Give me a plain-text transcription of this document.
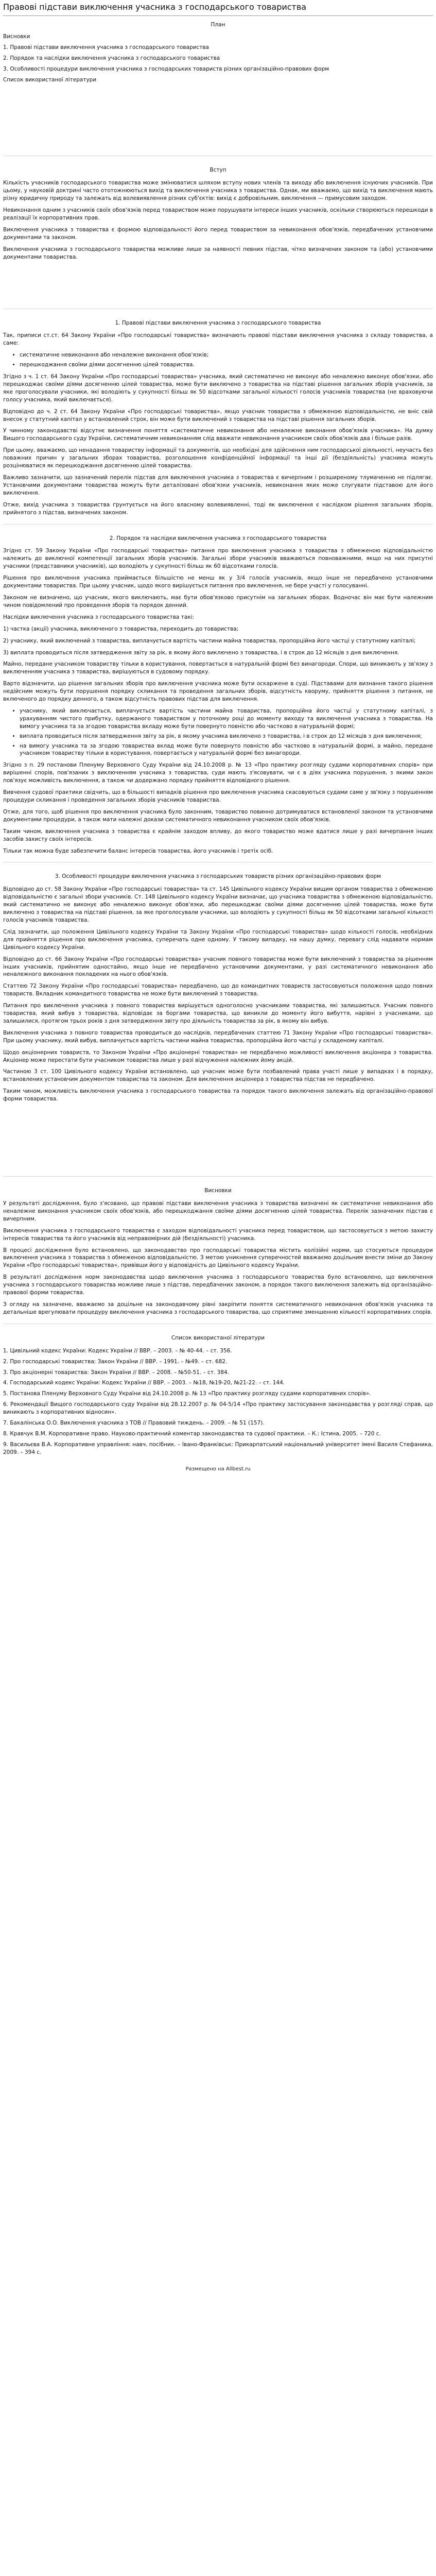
Правові підстави виключення учасника з господарського товариства
План

Висновки

1. Правові підстави виключення учасника з господарського товариства

2. Порядок та наслідки виключення учасника з господарського товариства

3. Особливості процедури виключення учасника з господарських товариств різних організаційно-правових форм

Список використаної літератури

Вступ

Кількість учасників господарського товариства може змінюватися шляхом вступу нових членів та виходу або виключення існуючих учасників. При цьому, у науковій доктрині часто ототожнюються вихід та виключення учасника з товариства. Однак, ми вважаємо, що вихід та виключення мають різну юридичну природу та залежать від волевиявлення різних суб'єктів: вихід є добровільним, виключення — примусовим заходом.

Невиконання одним з учасників своїх обов'язків перед товариством може порушувати інтереси інших учасників, оскільки створюються перешкоди в реалізації їх корпоративних прав.

Виключення учасника з товариства є формою відповідальності його перед товариством за невиконання обов'язків, передбачених установчими документами та законом.

Виключення учасника з господарського товариства можливе лише за наявності певних підстав, чітко визначених законом та (або) установчими документами товариства.

1. Правові підстави виключення учасника з господарського товариства

Так, приписи ст.ст. 64 Закону України «Про господарські товариства» визначають правові підстави виключення учасника з складу товариства, а саме:

• систематичне невиконання або неналежне виконання обов'язків;
• перешкоджання своїми діями досягненню цілей товариства.

Згідно з ч. 1 ст. 64 Закону України «Про господарські товариства» учасника, який систематично не виконує або неналежно виконує обов'язки, або перешкоджає своїми діями досягненню цілей товариства, може бути виключено з товариства на підставі рішення загальних зборів учасників, за яке проголосували учасники, які володіють у сукупності більш як 50 відсотками загальної кількості голосів учасників товариства (не враховуючи голосу учасника, який виключається).

Відповідно до ч. 2 ст. 64 Закону України «Про господарські товариства», якщо учасник товариства з обмеженою відповідальністю, не вніс свій внесок у статутний капітал у встановлений строк, він може бути виключений з товариства на підставі рішення загальних зборів.

У чинному законодавстві відсутнє визначення поняття «систематичне невиконання або неналежне виконання обов'язків учасника». На думку Вищого господарського суду України, систематичним невиконанням слід вважати невиконання учасником своїх обов'язків два і більше разів.

При цьому, вважаємо, що ненадання товариству інформації та документів, що необхідні для здійснення ним господарської діяльності, неучасть без поважних причин у загальних зборах товариства, розголошення конфіденційної інформації та інші дії (бездіяльність) учасника можуть розцінюватися як перешкоджання досягненню цілей товариства.

Важливо зазначити, що зазначений перелік підстав для виключення учасника з товариства є вичерпним і розширеному тлумаченню не підлягає. Установчими документами товариства можуть бути деталізовані обов'язки учасників, невиконання яких може слугувати підставою для його виключення.

Отже, вихід учасника з товариства ґрунтується на його власному волевиявленні, тоді як виключення є наслідком рішення загальних зборів, прийнятого з підстав, визначених законом.

2. Порядок та наслідки виключення учасника з господарського товариства

Згідно ст. 59 Закону України «Про господарські товариства» питання про виключення учасника з товариства з обмеженою відповідальністю належить до виключної компетенції загальних зборів учасників. Загальні збори учасників вважаються повноважними, якщо на них присутні учасники (представники учасників), що володіють у сукупності більш як 60 відсотками голосів.

Рішення про виключення учасника приймається більшістю не менш як у 3/4 голосів учасників, якщо інше не передбачено установчими документами товариства. При цьому учасник, щодо якого вирішується питання про виключення, не бере участі у голосуванні.

Законом не визначено, що учасник, якого виключають, має бути обов'язково присутнім на загальних зборах. Водночас він має бути належним чином повідомлений про проведення зборів та порядок денний.

Наслідки виключення учасника з господарського товариства такі:

1) частка (акції) учасника, виключеного з товариства, переходить до товариства;

2) учаснику, який виключений з товариства, виплачується вартість частини майна товариства, пропорційна його частці у статутному капіталі;

3) виплата проводиться після затвердження звіту за рік, в якому його виключено з товариства, і в строк до 12 місяців з дня виключення.

Майно, передане учасником товариству тільки в користування, повертається в натуральній формі без винагороди. Спори, що виникають у зв'язку з виключенням учасника з товариства, вирішуються в судовому порядку.

Варто відзначити, що рішення загальних зборів про виключення учасника може бути оскаржене в суді. Підставами для визнання такого рішення недійсним можуть бути порушення порядку скликання та проведення загальних зборів, відсутність кворуму, прийняття рішення з питання, не включеного до порядку денного, а також відсутність правових підстав для виключення.

• учаснику, який виключається, виплачується вартість частини майна товариства, пропорційна його частці у статутному капіталі, з урахуванням чистого прибутку, одержаного товариством у поточному році до моменту виходу та виключення учасника з товариства. На вимогу учасника та за згодою товариства вкладу може бути повернуто повністю або частково в натуральній формі;
• виплата проводиться після затвердження звіту за рік, в якому учасника виключено з товариства, і в строк до 12 місяців з дня виключення;
• на вимогу учасника та за згодою товариства вклад може бути повернуто повністю або частково в натуральній формі, а майно, передане учасником товариству тільки в користування, повертається у натуральній формі без винагороди.

Згідно з п. 29 постанови Пленуму Верховного Суду України від 24.10.2008 р. № 13 «Про практику розгляду судами корпоративних спорів» при вирішенні спорів, пов'язаних з виключенням учасника з товариства, суди мають з'ясовувати, чи є в діях учасника порушення, з якими закон пов'язує можливість виключення, а також чи додержано порядку прийняття відповідного рішення.

Вивчення судової практики свідчить, що в більшості випадків рішення про виключення учасника скасовуються судами саме у зв'язку з порушенням процедури скликання і проведення загальних зборів учасників товариства.

Отже, для того, щоб рішення про виключення учасника було законним, товариство повинно дотримуватися встановленої законом та установчими документами процедури, а також мати належні докази систематичного невиконання учасником своїх обов'язків.

Таким чином, виключення учасника з товариства є крайнім заходом впливу, до якого товариство може вдатися лише у разі вичерпання інших засобів захисту своїх інтересів.

Тільки так можна буде забезпечити баланс інтересів товариства, його учасників і третіх осіб.

3. Особливості процедури виключення учасника з господарських товариств різних організаційно-правових форм

Відповідно до ст. 58 Закону України «Про господарські товариства» та ст. 145 Цивільного кодексу України вищим органом товариства з обмеженою відповідальністю є загальні збори учасників. Ст. 148 Цивільного кодексу України визначає, що учасника товариства з обмеженою відповідальністю, який систематично не виконує або неналежно виконує обов'язки, або перешкоджає своїми діями досягненню цілей товариства, може бути виключено з товариства на підставі рішення, за яке проголосували учасники, що володіють у сукупності більш як 50 відсотками загальної кількості голосів учасників товариства.

Слід зазначити, що положення Цивільного кодексу України та Закону України «Про господарські товариства» щодо кількості голосів, необхідних для прийняття рішення про виключення учасника, суперечать одне одному. У такому випадку, на нашу думку, перевагу слід надавати нормам Цивільного кодексу України.

Відповідно до ст. 66 Закону України «Про господарські товариства» учасник повного товариства може бути виключений з товариства за рішенням інших учасників, прийнятим одностайно, якщо інше не передбачено установчими документами, у разі систематичного невиконання або неналежного виконання покладених на нього обов'язків.

Статтею 72 Закону України «Про господарські товариства» передбачено, що до командитних товариств застосовуються положення щодо повних товариств. Вкладник командитного товариства не може бути виключений з товариства.

Питання про виключення учасника з повного товариства вирішується одноголосно учасниками товариства, які залишаються. Учасник повного товариства, який вибув з товариства, відповідає за боргами товариства, що виникли до моменту його вибуття, нарівні з учасниками, що залишилися, протягом трьох років з дня затвердження звіту про діяльність товариства за рік, в якому він вибув.

Виключення учасника з повного товариства проводиться до наслідків, передбачених статтею 71 Закону України «Про господарські товариства». При цьому учаснику, який вибув, виплачується вартість частини майна товариства, пропорційна його частці у складеному капіталі.

Щодо акціонерних товариств, то Законом України «Про акціонерні товариства» не передбачено можливості виключення акціонера з товариства. Акціонер може перестати бути учасником товариства лише у разі відчуження належних йому акцій.

Частиною 3 ст. 100 Цивільного кодексу України встановлено, що учасник може бути позбавлений права участі лише у випадках і в порядку, встановлених установчим документом товариства та законом. Для виключення акціонера з товариства підстав не передбачено.

Таким чином, можливість виключення учасника з господарського товариства та порядок такого виключення залежать від організаційно-правової форми товариства.

Висновки

У результаті дослідження, було з'ясовано, що правові підстави виключення учасника з товариства визначені як систематичне невиконання або неналежне виконання учасником своїх обов'язків, або перешкоджання своїми діями досягненню цілей товариства. Перелік зазначених підстав є вичерпним.

Виключення учасника з господарського товариства є заходом відповідальності учасника перед товариством, що застосовується з метою захисту інтересів товариства та його учасників від неправомірних дій (бездіяльності) учасника.

В процесі дослідження було встановлено, що законодавство про господарські товариства містить колізійні норми, що стосуються процедури виключення учасника з товариства з обмеженою відповідальністю. З метою уникнення суперечностей вважаємо доцільним внести зміни до Закону України «Про господарські товариства», привівши його у відповідність до Цивільного кодексу України.

В результаті дослідження норм законодавства щодо виключення учасника з господарського товариства було встановлено, що виключення учасника з господарського товариства можливе лише з підстав, передбачених законом, а порядок такого виключення залежить від організаційно-правової форми товариства.

З огляду на зазначене, вважаємо за доцільне на законодавчому рівні закріпити поняття систематичного невиконання обов'язків учасника та детальніше врегулювати процедуру виключення учасника з господарського товариства, що сприятиме зменшенню кількості корпоративних спорів.

Список використаної літератури
1. Цивільний кодекс України: Кодекс України // ВВР. – 2003. – № 40-44. – ст. 356.
2. Про господарські товариства: Закон України // ВВР. – 1991. – №49. – ст. 682.
3. Про акціонерні товариства: Закон України // ВВР. – 2008. – №50-51. – ст. 384.
4. Господарський кодекс України: Кодекс України // ВВР. – 2003. – №18, №19-20, №21-22. – ст. 144.
5. Постанова Пленуму Верховного Суду України від 24.10.2008 р. № 13 «Про практику розгляду судами корпоративних спорів».
6. Рекомендації Вищого господарського суду України від 28.12.2007 р. № 04-5/14 «Про практику застосування законодавства у розгляді справ, що виникають з корпоративних відносин».
7. Бакалінська О.О. Виключення учасника з ТОВ // Правовий тиждень. – 2009. – № 51 (157).
8. Кравчук В.М. Корпоративне право. Науково-практичний коментар законодавства та судової практики. – К.: Істина, 2005. – 720 с.
9. Васильєва В.А. Корпоративне управління: навч. посібник. – Івано-Франківськ: Прикарпатський національний університет імені Василя Стефаника, 2009. – 394 с.
Размещено на Allbest.ru
